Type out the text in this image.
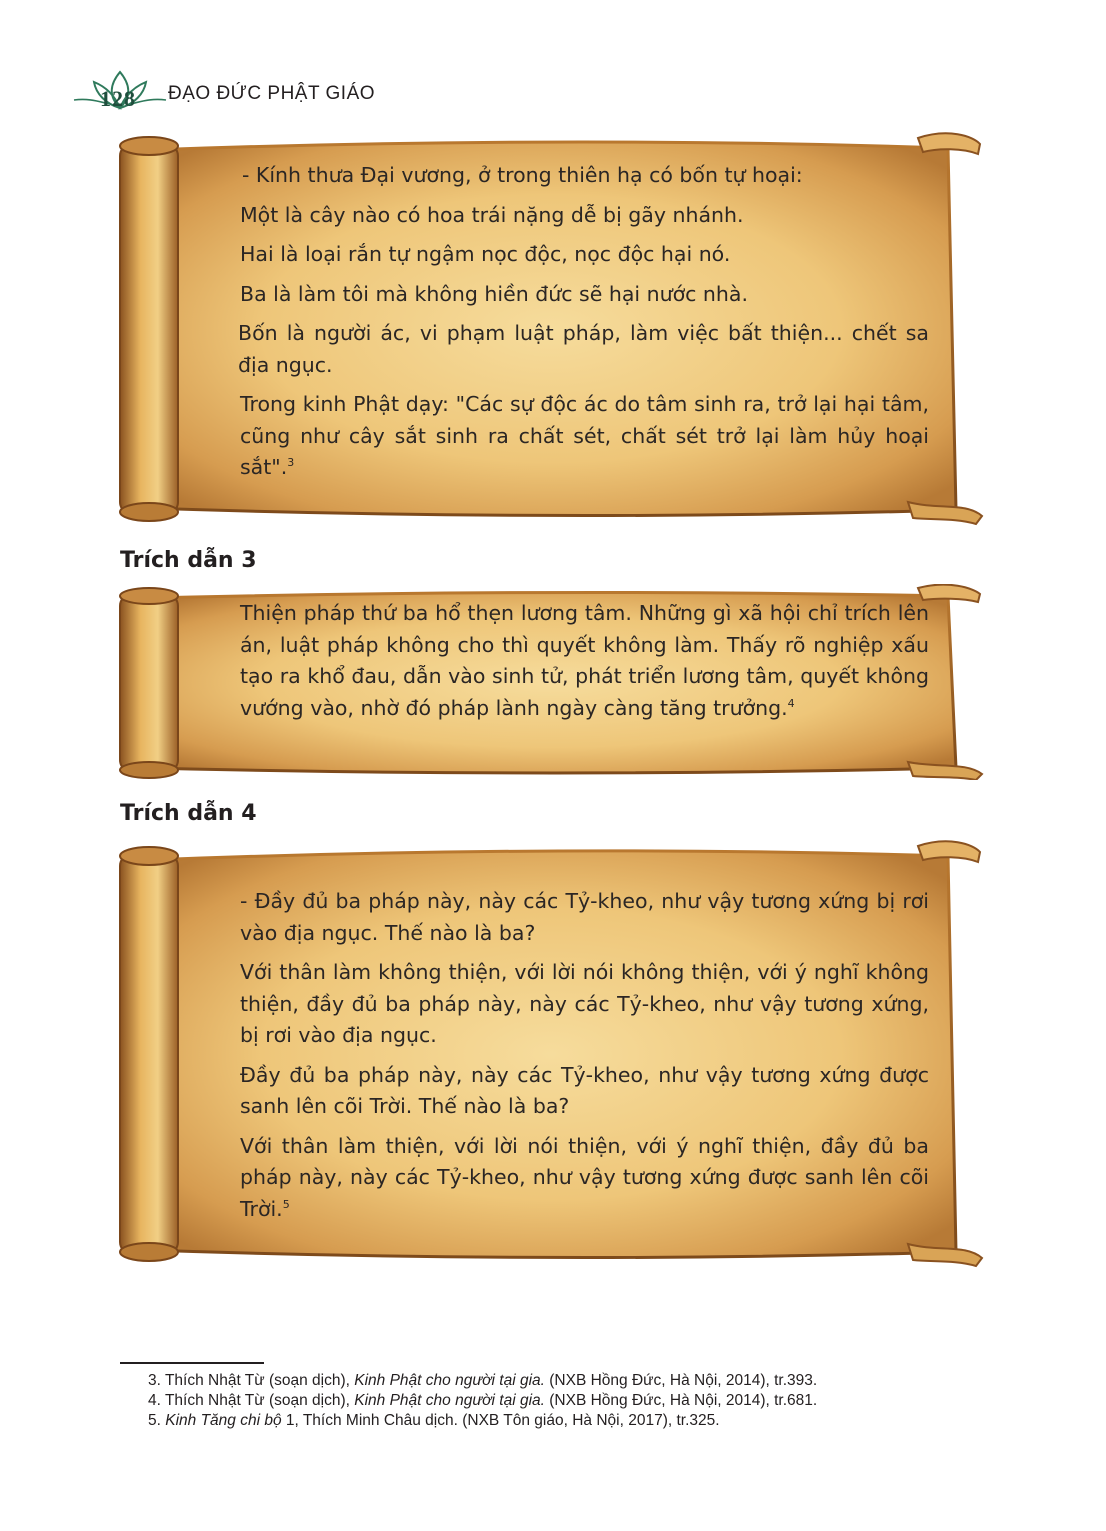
128 ĐẠO ĐỨC PHẬT GIÁO

- Kính thưa Đại vương, ở trong thiên hạ có bốn tự hoại:

Một là cây nào có hoa trái nặng dễ bị gãy nhánh.

Hai là loại rắn tự ngậm nọc độc, nọc độc hại nó.

Ba là làm tôi mà không hiền đức sẽ hại nước nhà.

Bốn là người ác, vi phạm luật pháp, làm việc bất thiện... chết sa địa ngục.

Trong kinh Phật dạy: "Các sự độc ác do tâm sinh ra, trở lại hại tâm, cũng như cây sắt sinh ra chất sét, chất sét trở lại làm hủy hoại sắt".$^3$

Trích dẫn 3

Thiện pháp thứ ba hổ thẹn lương tâm. Những gì xã hội chỉ trích lên án, luật pháp không cho thì quyết không làm. Thấy rõ nghiệp xấu tạo ra khổ đau, dẫn vào sinh tử, phát triển lương tâm, quyết không vướng vào, nhờ đó pháp lành ngày càng tăng trưởng.$^4$

Trích dẫn 4

- Đầy đủ ba pháp này, này các Tỷ-kheo, như vậy tương xứng bị rơi vào địa ngục. Thế nào là ba?

Với thân làm không thiện, với lời nói không thiện, với ý nghĩ không thiện, đầy đủ ba pháp này, này các Tỷ-kheo, như vậy tương xứng, bị rơi vào địa ngục.

Đầy đủ ba pháp này, này các Tỷ-kheo, như vậy tương xứng được sanh lên cõi Trời. Thế nào là ba?

Với thân làm thiện, với lời nói thiện, với ý nghĩ thiện, đầy đủ ba pháp này, này các Tỷ-kheo, như vậy tương xứng được sanh lên cõi Trời.$^5$

3. Thích Nhật Từ (soạn dịch), Kinh Phật cho người tại gia. (NXB Hồng Đức, Hà Nội, 2014), tr.393.
4. Thích Nhật Từ (soạn dịch), Kinh Phật cho người tại gia. (NXB Hồng Đức, Hà Nội, 2014), tr.681.
5. Kinh Tăng chi bộ 1, Thích Minh Châu dịch. (NXB Tôn giáo, Hà Nội, 2017), tr.325.
